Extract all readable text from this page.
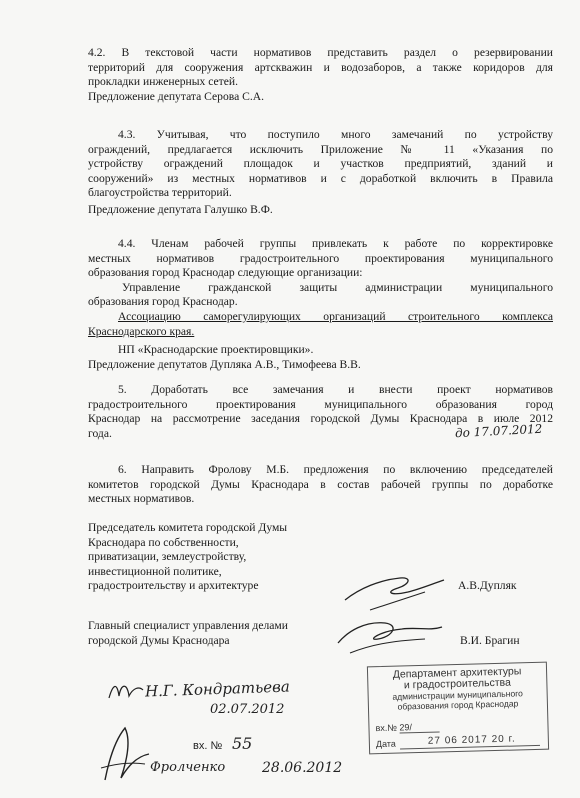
4.2. В текстовой части нормативов представить раздел о резервировании
территорий для сооружения артскважин и водозаборов, а также коридоров для
прокладки инженерных сетей.
Предложение депутата Серова С.А.
4.3. Учитывая, что поступило много замечаний по устройству
ограждений, предлагается исключить Приложение № 11 «Указания по
устройству ограждений площадок и участков предприятий, зданий и
сооружений» из местных нормативов и с доработкой включить в Правила
благоустройства территорий.
Предложение депутата Галушко В.Ф.
4.4. Членам рабочей группы привлекать к работе по корректировке
местных нормативов градостроительного проектирования муниципального
образования город Краснодар следующие организации:
Управление гражданской защиты администрации муниципального
образования город Краснодар.
Ассоциацию саморегулирующих организаций строительного комплекса
Краснодарского края.
НП «Краснодарские проектировщики».
Предложение депутатов Дупляка А.В., Тимофеева В.В.
5. Доработать все замечания и внести проект нормативов
градостроительного проектирования муниципального образования город
Краснодар на рассмотрение заседания городской Думы Краснодара в июле 2012
года.
6. Направить Фролову М.Б. предложения по включению председателей
комитетов городской Думы Краснодара в состав рабочей группы по доработке
местных нормативов.
Председатель комитета городской Думы
Краснодара по собственности,
приватизации, землеустройству,
инвестиционной политике,
градостроительству и архитектуре	А.В.Дупляк
Главный специалист управления делами
городской Думы Краснодара	В.И. Брагин
до 17.07.2012
Департамент архитектуры
и градостроительства
администрации муниципального
образования город Краснодар
вх.№ 29/
Дата	27 06 2017 20 г.
Н.Г. Кондратьева
02.07.2012
вх. № 55
Фролченко	28.06.2012
